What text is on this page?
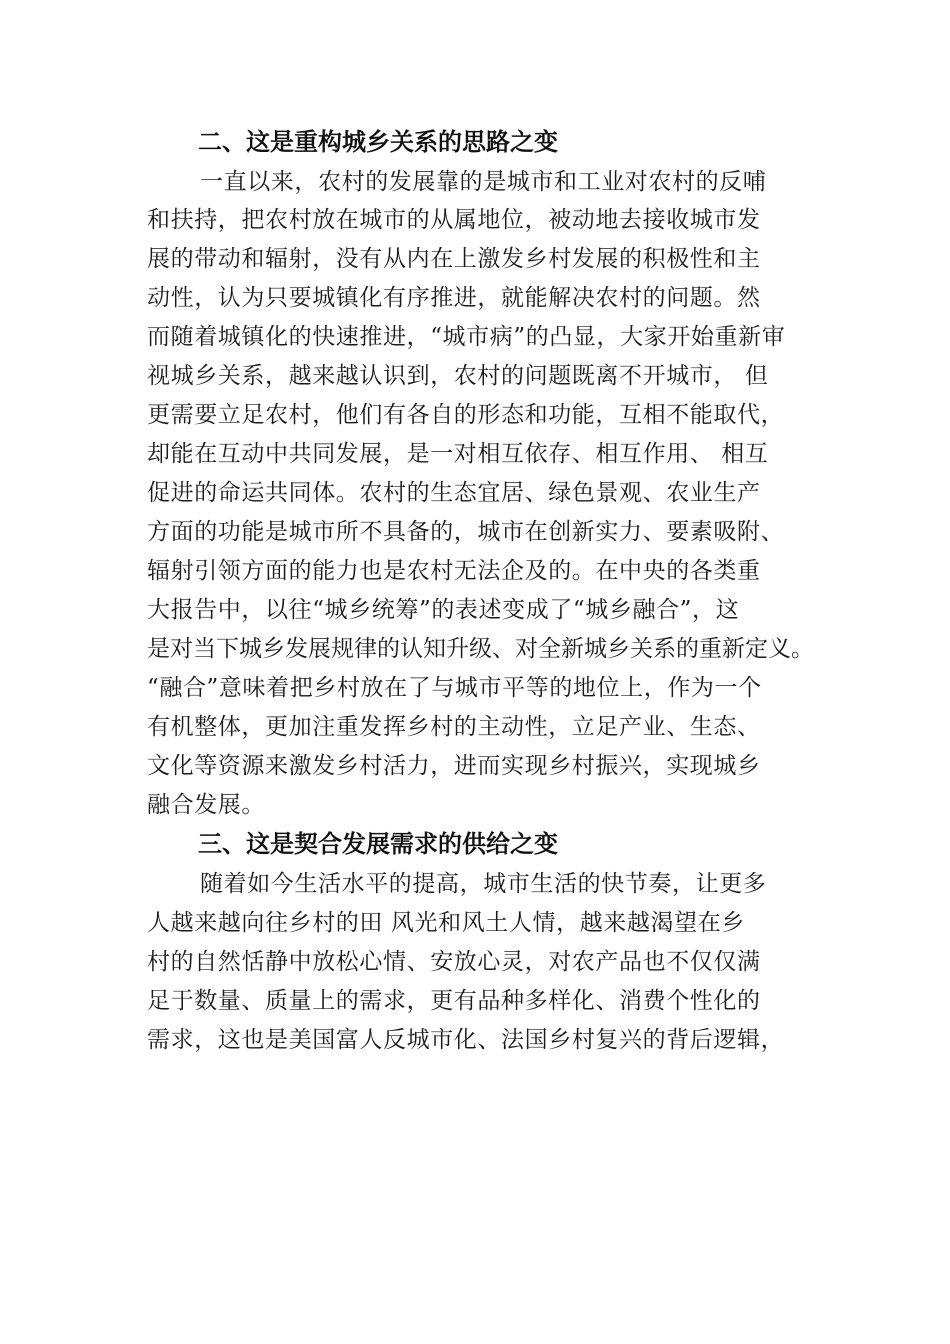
二、这是重构城乡关系的思路之变
一直以来，农村的发展靠的是城市和工业对农村的反哺
和扶持，把农村放在城市的从属地位，被动地去接收城市发
展的带动和辐射，没有从内在上激发乡村发展的积极性和主
动性，认为只要城镇化有序推进，就能解决农村的问题。然
而随着城镇化的快速推进，“城市病”的凸显，大家开始重新审
视城乡关系，越来越认识到，农村的问题既离不开城市， 但
更需要立足农村，他们有各自的形态和功能，互相不能取代，
却能在互动中共同发展，是一对相互依存、相互作用、 相互
促进的命运共同体。农村的生态宜居、绿色景观、农业生产
方面的功能是城市所不具备的，城市在创新实力、要素吸附、
辐射引领方面的能力也是农村无法企及的。在中央的各类重
大报告中，以往“城乡统筹”的表述变成了“城乡融合”，这
是对当下城乡发展规律的认知升级、对全新城乡关系的重新定义。
“融合”意味着把乡村放在了与城市平等的地位上，作为一个
有机整体，更加注重发挥乡村的主动性，立足产业、生态、
文化等资源来激发乡村活力，进而实现乡村振兴，实现城乡
融合发展。
三、这是契合发展需求的供给之变
随着如今生活水平的提高，城市生活的快节奏，让更多
人越来越向往乡村的田 风光和风土人情，越来越渴望在乡
村的自然恬静中放松心情、安放心灵，对农产品也不仅仅满
足于数量、质量上的需求，更有品种多样化、消费个性化的
需求，这也是美国富人反城市化、法国乡村复兴的背后逻辑，
